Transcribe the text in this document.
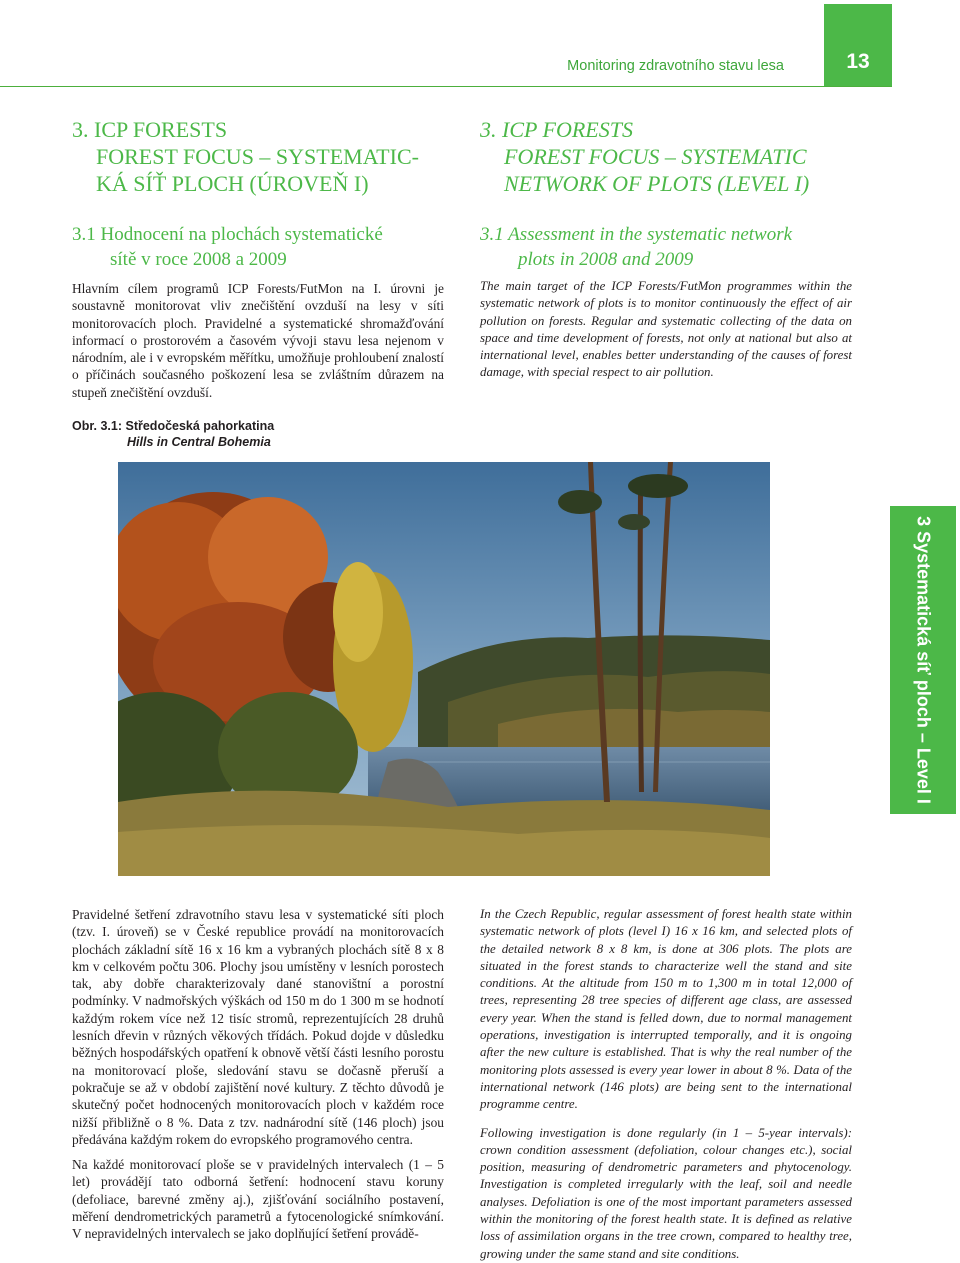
Monitoring zdravotního stavu lesa	13
3. ICP FORESTS
FOREST FOCUS – SYSTEMATIC-
KÁ SÍŤ PLOCH (ÚROVEŇ I)
3. ICP FORESTS
FOREST FOCUS – SYSTEMATIC
NETWORK OF PLOTS (LEVEL I)
3.1 Hodnocení na plochách systematické
sítě v roce 2008 a 2009
3.1 Assessment in the systematic network
plots in 2008 and 2009

Hlavním cílem programů ICP Forests/FutMon na I. úrovni je soustavně monitorovat vliv znečištění ovzduší na lesy v síti monitorovacích ploch. Pravidelné a systematické shromažďování informací o prostorovém a časovém vývoji stavu lesa nejenom v národním, ale i v evropském měřítku, umožňuje prohloubení znalostí o příčinách současného poškození lesa se zvláštním důrazem na stupeň znečištění ovzduší.

The main target of the ICP Forests/FutMon programmes within the systematic network of plots is to monitor continuously the effect of air pollution on forests. Regular and systematic collecting of the data on space and time development of forests, not only at national but also at international level, enables better understanding of the causes of forest damage, with special respect to air pollution.

Obr. 3.1: Středočeská pahorkatina
Hills in Central Bohemia
3 Systematická síť ploch – Level I

Pravidelné šetření zdravotního stavu lesa v systematické síti ploch (tzv. I. úroveň) se v České republice provádí na monitorovacích plochách základní sítě 16 x 16 km a vybraných plochách sítě 8 x 8 km v celkovém počtu 306. Plochy jsou umístěny v lesních porostech tak, aby dobře charakterizovaly dané stanovištní a porostní podmínky. V nadmořských výškách od 150 m do 1 300 m se hodnotí každým rokem více než 12 tisíc stromů, reprezentujících 28 druhů lesních dřevin v různých věkových třídách. Pokud dojde v důsledku běžných hospodářských opatření k obnově větší části lesního porostu na monitorovací ploše, sledování stavu se dočasně přeruší a pokračuje se až v období zajištění nové kultury. Z těchto důvodů je skutečný počet hodnocených monitorovacích ploch v každém roce nižší přibližně o 8 %. Data z tzv. nadnárodní sítě (146 ploch) jsou předávána každým rokem do evropského programového centra.

Na každé monitorovací ploše se v pravidelných intervalech (1 – 5 let) provádějí tato odborná šetření: hodnocení stavu koruny (defoliace, barevné změny aj.), zjišťování sociálního postavení, měření dendrometrických parametrů a fytocenologické snímkování. V nepravidelných intervalech se jako doplňující šetření provádě-

In the Czech Republic, regular assessment of forest health state within systematic network of plots (level I) 16 x 16 km, and selected plots of the detailed network 8 x 8 km, is done at 306 plots. The plots are situated in the forest stands to characterize well the stand and site conditions. At the altitude from 150 m to 1,300 m in total 12,000 of trees, representing 28 tree species of different age class, are assessed every year. When the stand is felled down, due to normal management operations, investigation is interrupted temporally, and it is ongoing after the new culture is established. That is why the real number of the monitoring plots assessed is every year lower in about 8 %. Data of the international network (146 plots) are being sent to the international programme centre.

Following investigation is done regularly (in 1 – 5-year intervals): crown condition assessment (defoliation, colour changes etc.), social position, measuring of dendrometric parameters and phytocenology. Investigation is completed irregularly with the leaf, soil and needle analyses. Defoliation is one of the most important parameters assessed within the monitoring of the forest health state. It is defined as relative loss of assimilation organs in the tree crown, compared to healthy tree, growing under the same stand and site conditions.
